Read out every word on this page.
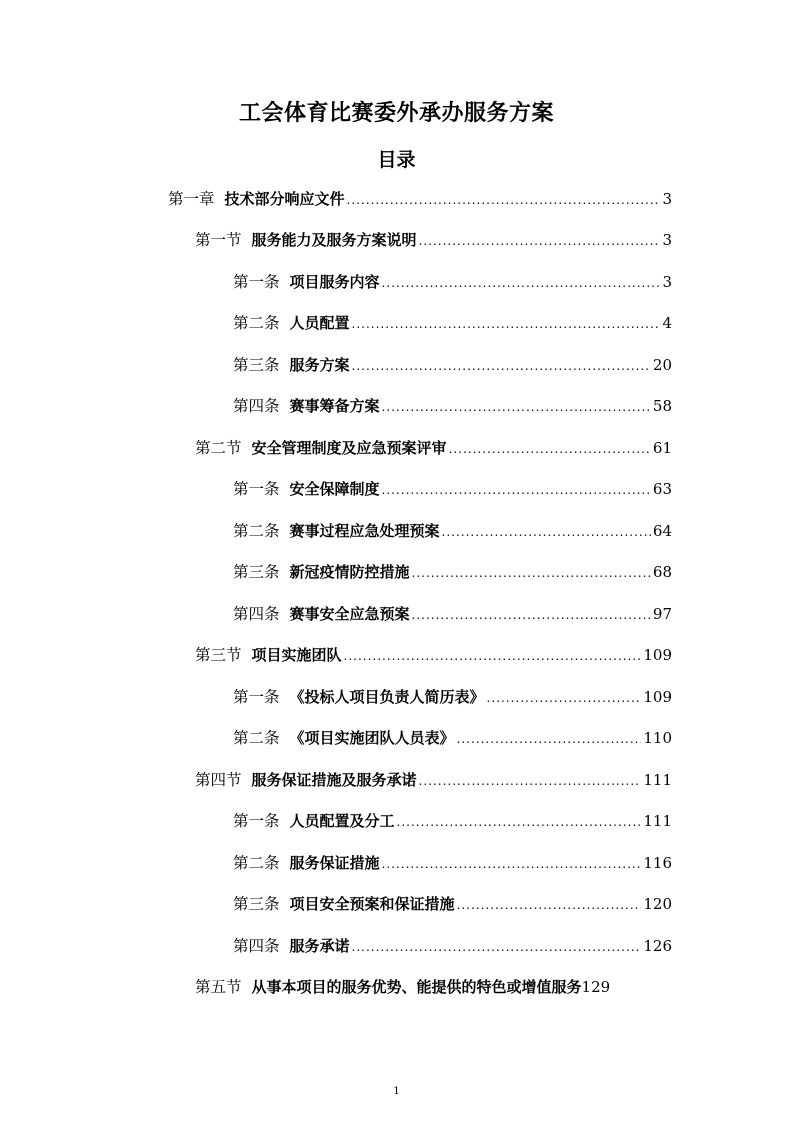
工会体育比赛委外承办服务方案
目录
第一章 技术部分响应文件 .....	3
第一节 服务能力及服务方案说明 .....	3
第一条 项目服务内容 .....	3
第二条 人员配置 .....	4
第三条 服务方案 .....	20
第四条 赛事筹备方案 .....	58
第二节 安全管理制度及应急预案评审 .....	61
第一条 安全保障制度 .....	63
第二条 赛事过程应急处理预案 .....	64
第三条 新冠疫情防控措施 .....	68
第四条 赛事安全应急预案 .....	97
第三节 项目实施团队 .....	109
第一条 《投标人项目负责人简历表》 .....	109
第二条 《项目实施团队人员表》 .....	110
第四节 服务保证措施及服务承诺 .....	111
第一条 人员配置及分工 .....	111
第二条 服务保证措施 .....	116
第三条 项目安全预案和保证措施 .....	120
第四条 服务承诺 .....	126
第五节 从事本项目的服务优势、能提供的特色或增值服务 129
1
